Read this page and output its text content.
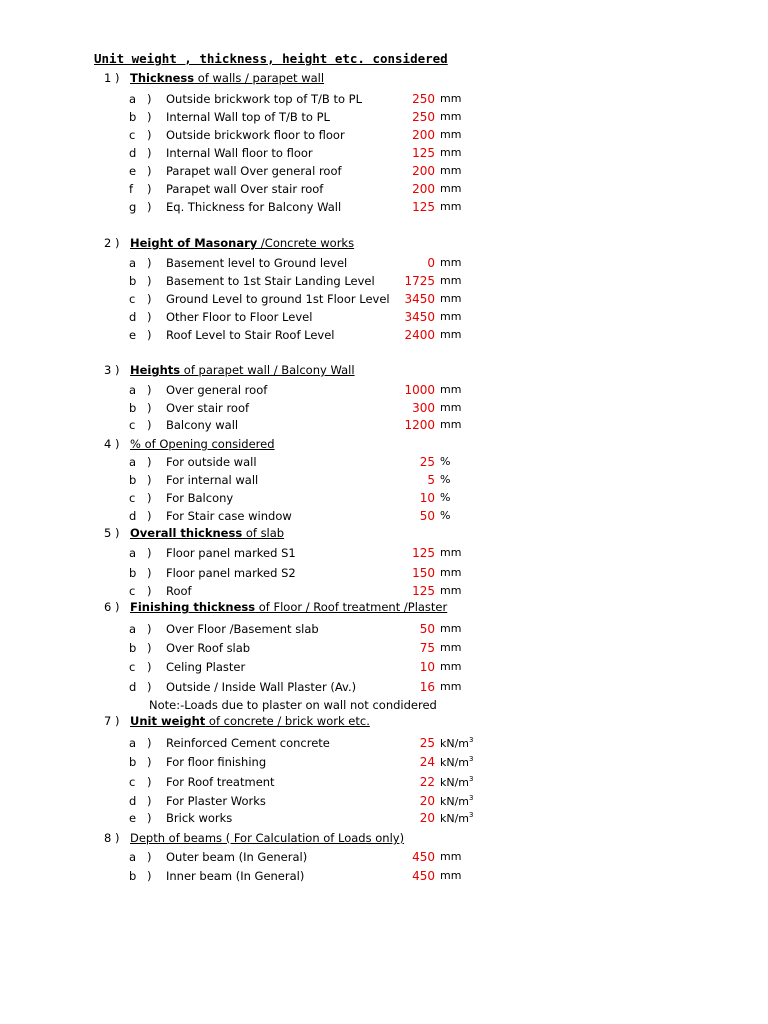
Unit weight , thickness, height etc. considered
1 ) Thickness of walls / parapet wall
a ) Outside brickwork top of T/B to PL	250 mm
b ) Internal Wall top of T/B to PL	250 mm
c ) Outside brickwork floor to floor	200 mm
d ) Internal Wall floor to floor	125 mm
e ) Parapet wall Over general roof	200 mm
f ) Parapet wall Over stair roof	200 mm
g ) Eq. Thickness for Balcony Wall	125 mm
2 ) Height of Masonary /Concrete works
a ) Basement level to Ground level	0 mm
b ) Basement to 1st Stair Landing Level 1725 mm
c ) Ground Level to ground 1st Floor Level 3450 mm
d ) Other Floor to Floor Level	3450 mm
e ) Roof Level to Stair Roof Level	2400 mm
3 ) Heights of parapet wall / Balcony Wall
a ) Over general roof	1000 mm
b ) Over stair roof	300 mm
c ) Balcony wall	1200 mm
4 ) % of Opening considered
a ) For outside wall	25 %
b ) For internal wall	5 %
c ) For Balcony	10 %
d ) For Stair case window	50 %
5 ) Overall thickness of slab
a ) Floor panel marked S1	125 mm
b ) Floor panel marked S2	150 mm
c ) Roof	125 mm
6 ) Finishing thickness of Floor / Roof treatment /Plaster
a ) Over Floor /Basement slab	50 mm
b ) Over Roof slab	75 mm
c ) Celing Plaster	10 mm
d ) Outside / Inside Wall Plaster (Av.)	16 mm
Note:-Loads due to plaster on wall not condidered
7 ) Unit weight of concrete / brick work etc.
a ) Reinforced Cement concrete	25 $kN/m^3$
b ) For floor finishing	24 $kN/m^3$
c ) For Roof treatment	22 $kN/m^3$
d ) For Plaster Works	20 $kN/m^3$
e ) Brick works	20 $kN/m^3$
8 ) Depth of beams ( For Calculation of Loads only)
a ) Outer beam (In General)	450 mm
b ) Inner beam (In General)	450 mm
